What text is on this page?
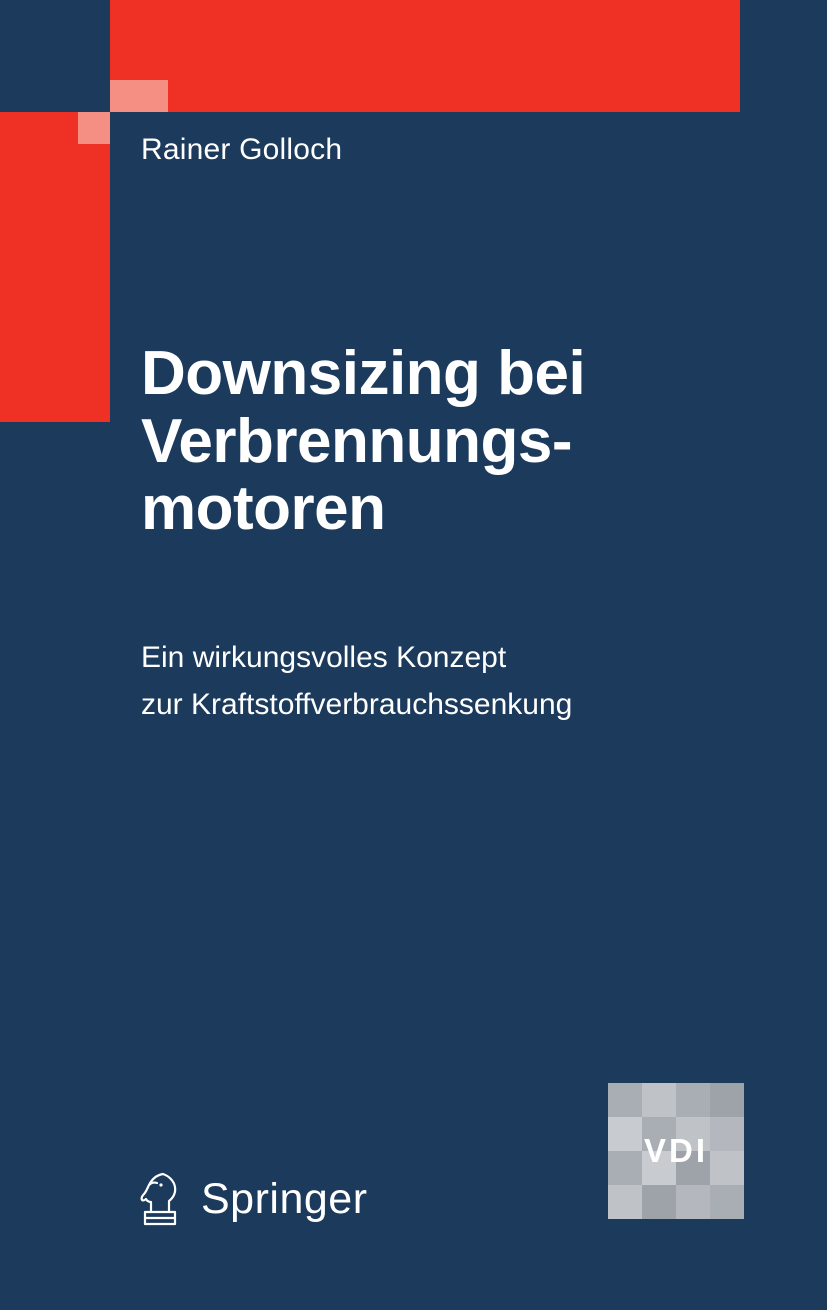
Rainer Golloch
Downsizing bei
Verbrennungs-
motoren
Ein wirkungsvolles Konzept
zur Kraftstoffverbrauchssenkung
VDI
Springer
